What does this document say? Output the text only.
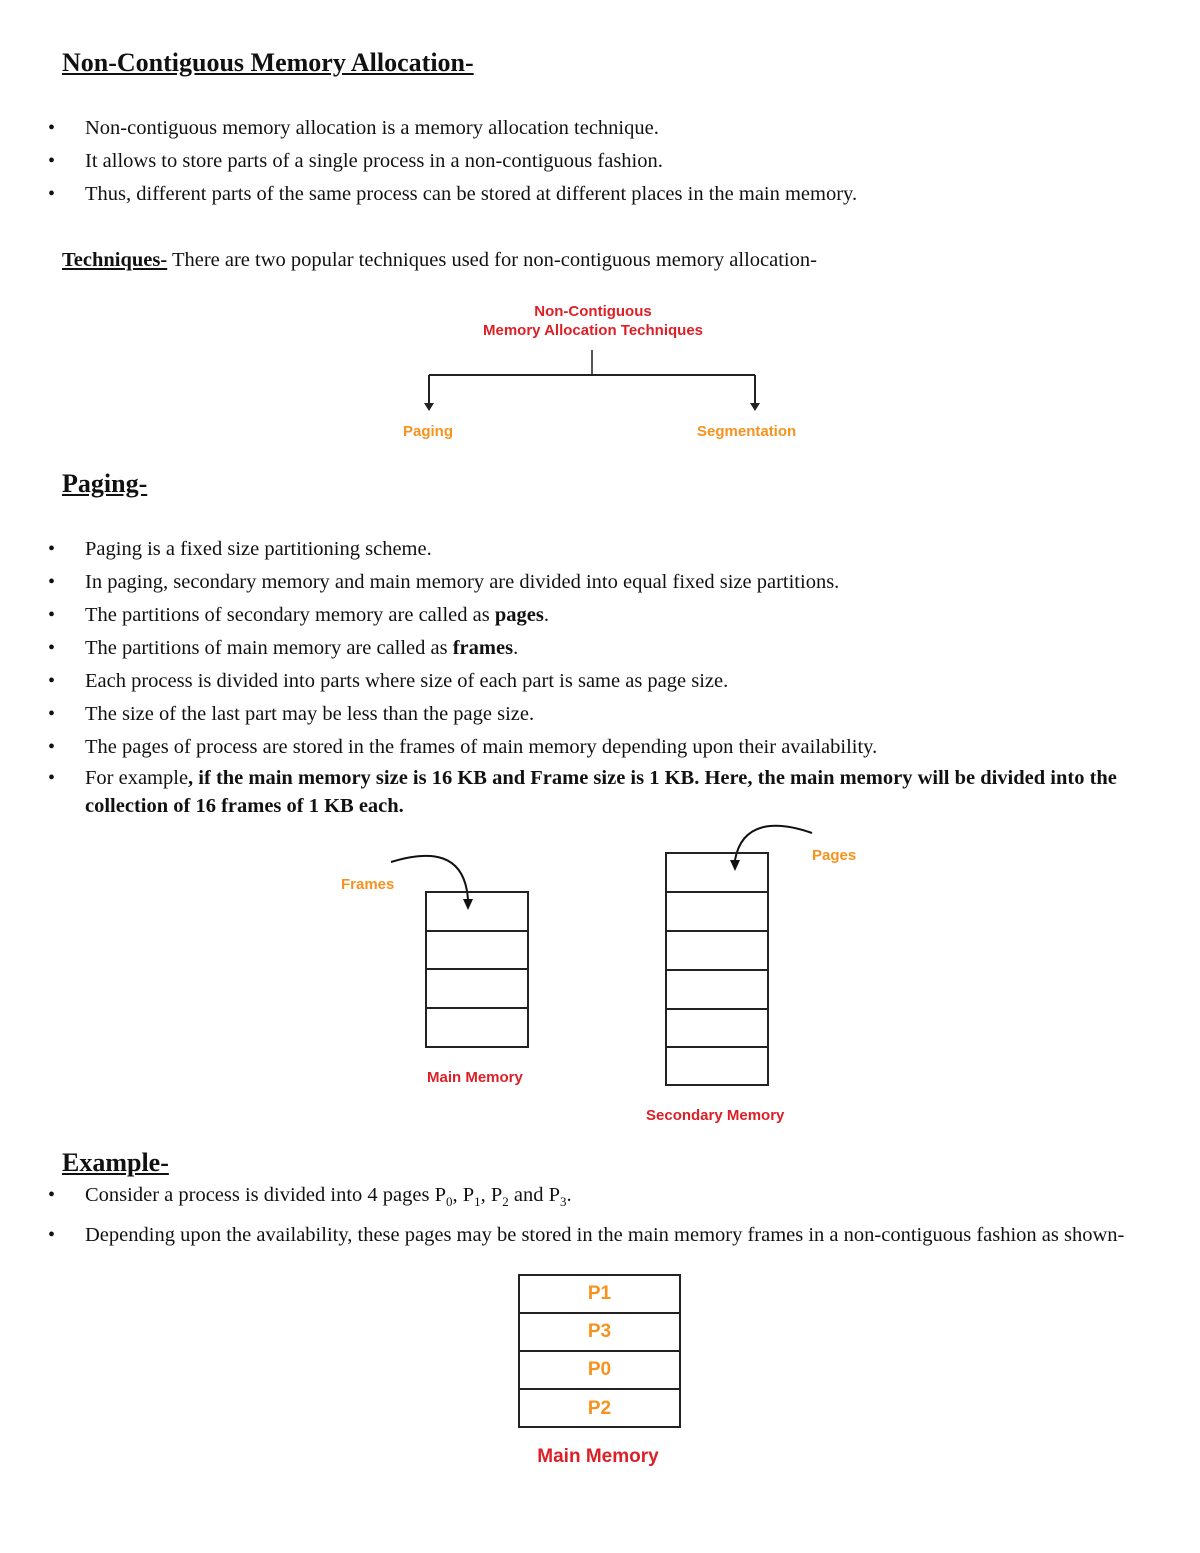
Non-Contiguous Memory Allocation-
• Non-contiguous memory allocation is a memory allocation technique.
• It allows to store parts of a single process in a non-contiguous fashion.
• Thus, different parts of the same process can be stored at different places in the main memory.

Techniques- There are two popular techniques used for non-contiguous memory allocation-

Non-Contiguous
Memory Allocation Techniques
Paging	Segmentation
Paging-
• Paging is a fixed size partitioning scheme.
• In paging, secondary memory and main memory are divided into equal fixed size partitions.
• The partitions of secondary memory are called as pages.
• The partitions of main memory are called as frames.
• Each process is divided into parts where size of each part is same as page size.
• The size of the last part may be less than the page size.
• The pages of process are stored in the frames of main memory depending upon their availability.
• For example, if the main memory size is 16 KB and Frame size is 1 KB. Here, the main memory will be divided into the collection of 16 frames of 1 KB each.
Frames
Pages
Main Memory
Secondary Memory
Example-
• Consider a process is divided into 4 pages $P_0$, $P_1$, $P_2$ and $P_3$.
• Depending upon the availability, these pages may be stored in the main memory frames in a non-contiguous fashion as shown-
P1
P3
P0
P2
Main Memory
